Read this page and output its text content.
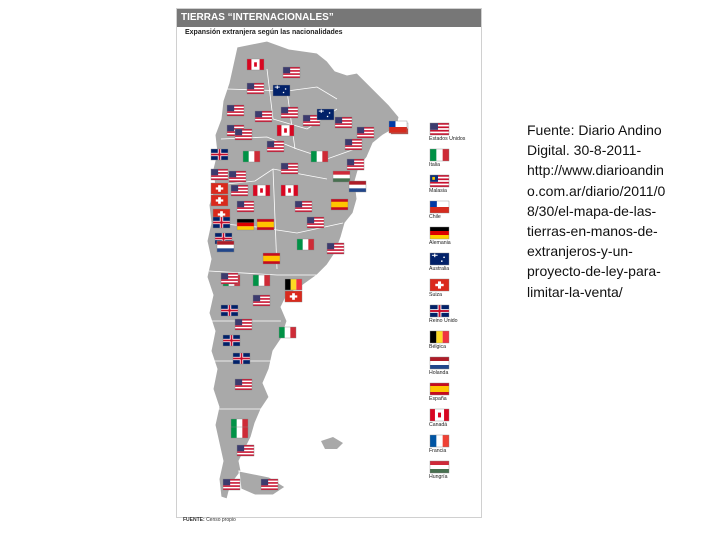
TIERRAS “INTERNACIONALES”
Expansión extranjera según las nacionalidades
Estados Unidos
Italia
Malasia
Chile
Alemania
Australia
Suiza
Reino Unido
Bélgica
Holanda
España
Canadá
Francia
Hungría
FUENTE: Censo propio
Fuente: Diario Andino
Digital. 30-8-2011-
http://www.diarioandin
o.com.ar/diario/2011/0
8/30/el-mapa-de-las-
tierras-en-manos-de-
extranjeros-y-un-
proyecto-de-ley-para-
limitar-la-venta/
